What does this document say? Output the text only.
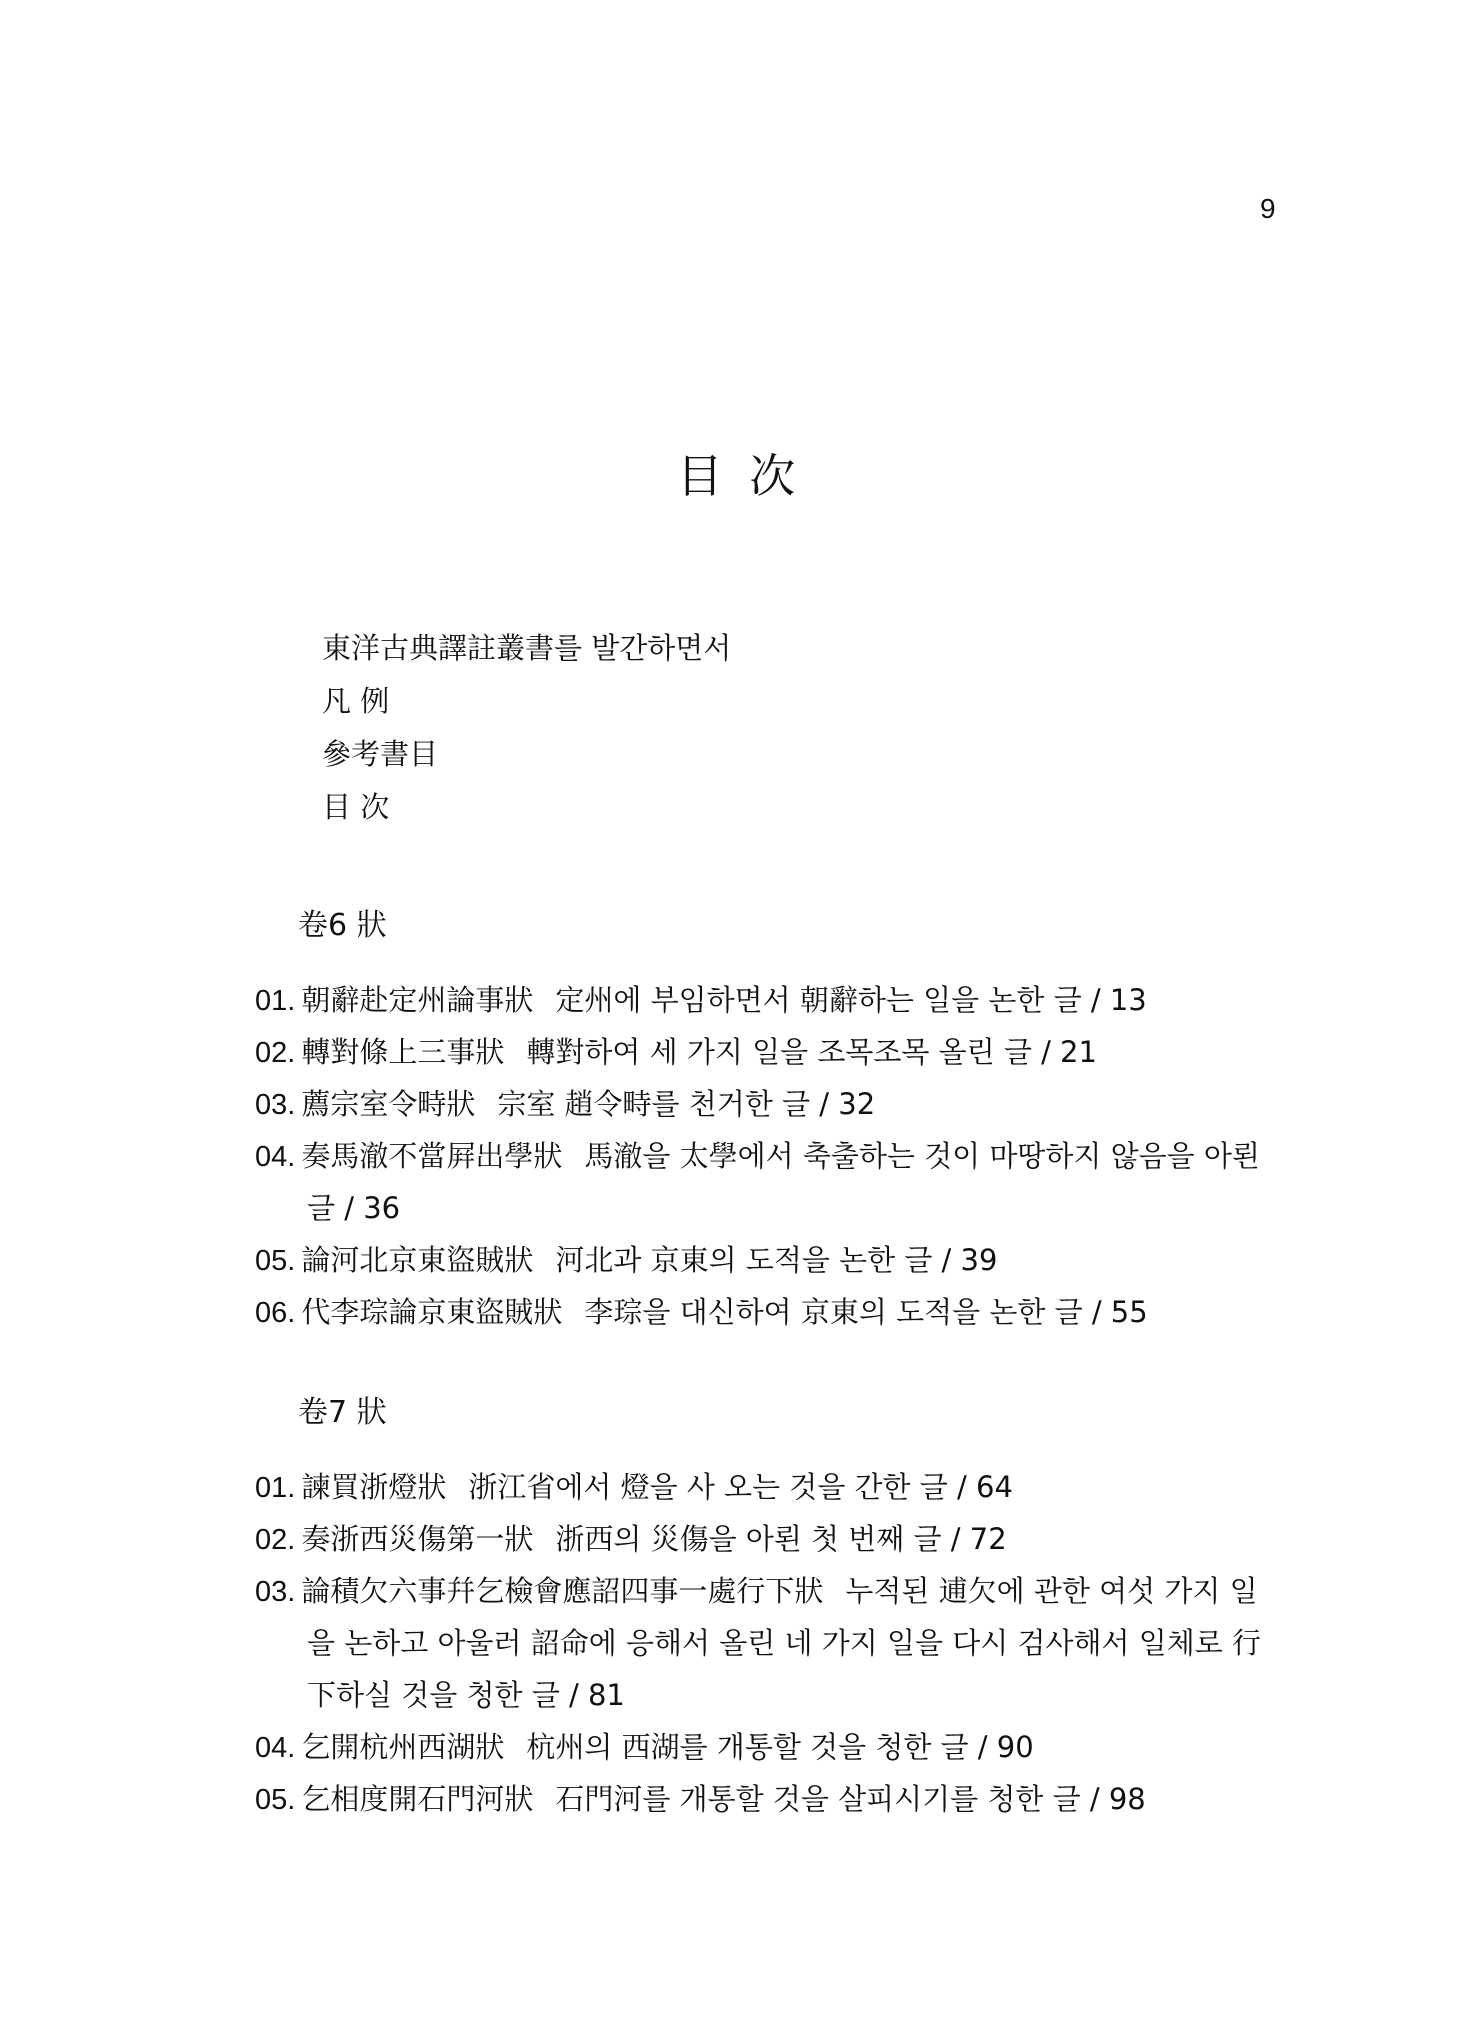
9
目 次
東洋古典譯註叢書를 발간하면서
凡 例
參考書目
目 次
卷6 狀
01. 朝辭赴定州論事狀 定州에 부임하면서 朝辭하는 일을 논한 글 / 13
02. 轉對條上三事狀 轉對하여 세 가지 일을 조목조목 올린 글 / 21
03. 薦宗室令畤狀 宗室 趙令畤를 천거한 글 / 32
04. 奏馬澈不當屛出學狀 馬澈을 太學에서 축출하는 것이 마땅하지 않음을 아뢴
글 / 36
05. 論河北京東盜賊狀 河北과 京東의 도적을 논한 글 / 39
06. 代李琮論京東盜賊狀 李琮을 대신하여 京東의 도적을 논한 글 / 55
卷7 狀
01. 諫買浙燈狀 浙江省에서 燈을 사 오는 것을 간한 글 / 64
02. 奏浙西災傷第一狀 浙西의 災傷을 아뢴 첫 번째 글 / 72
03. 論積欠六事幷乞檢會應詔四事一處行下狀 누적된 逋欠에 관한 여섯 가지 일
을 논하고 아울러 詔命에 응해서 올린 네 가지 일을 다시 검사해서 일체로 行
下하실 것을 청한 글 / 81
04. 乞開杭州西湖狀 杭州의 西湖를 개통할 것을 청한 글 / 90
05. 乞相度開石門河狀 石門河를 개통할 것을 살피시기를 청한 글 / 98
